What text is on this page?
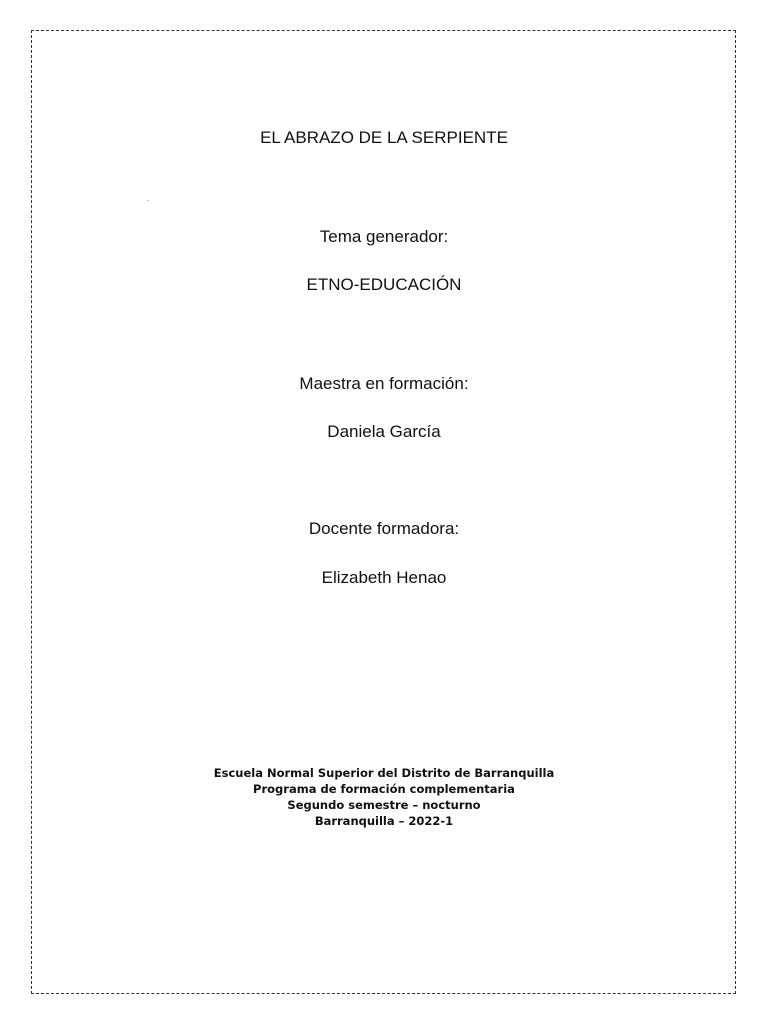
EL ABRAZO DE LA SERPIENTE
.
Tema generador:
ETNO-EDUCACIÓN
Maestra en formación:
Daniela García
Docente formadora:
Elizabeth Henao
Escuela Normal Superior del Distrito de Barranquilla
Programa de formación complementaria
Segundo semestre – nocturno
Barranquilla – 2022-1
